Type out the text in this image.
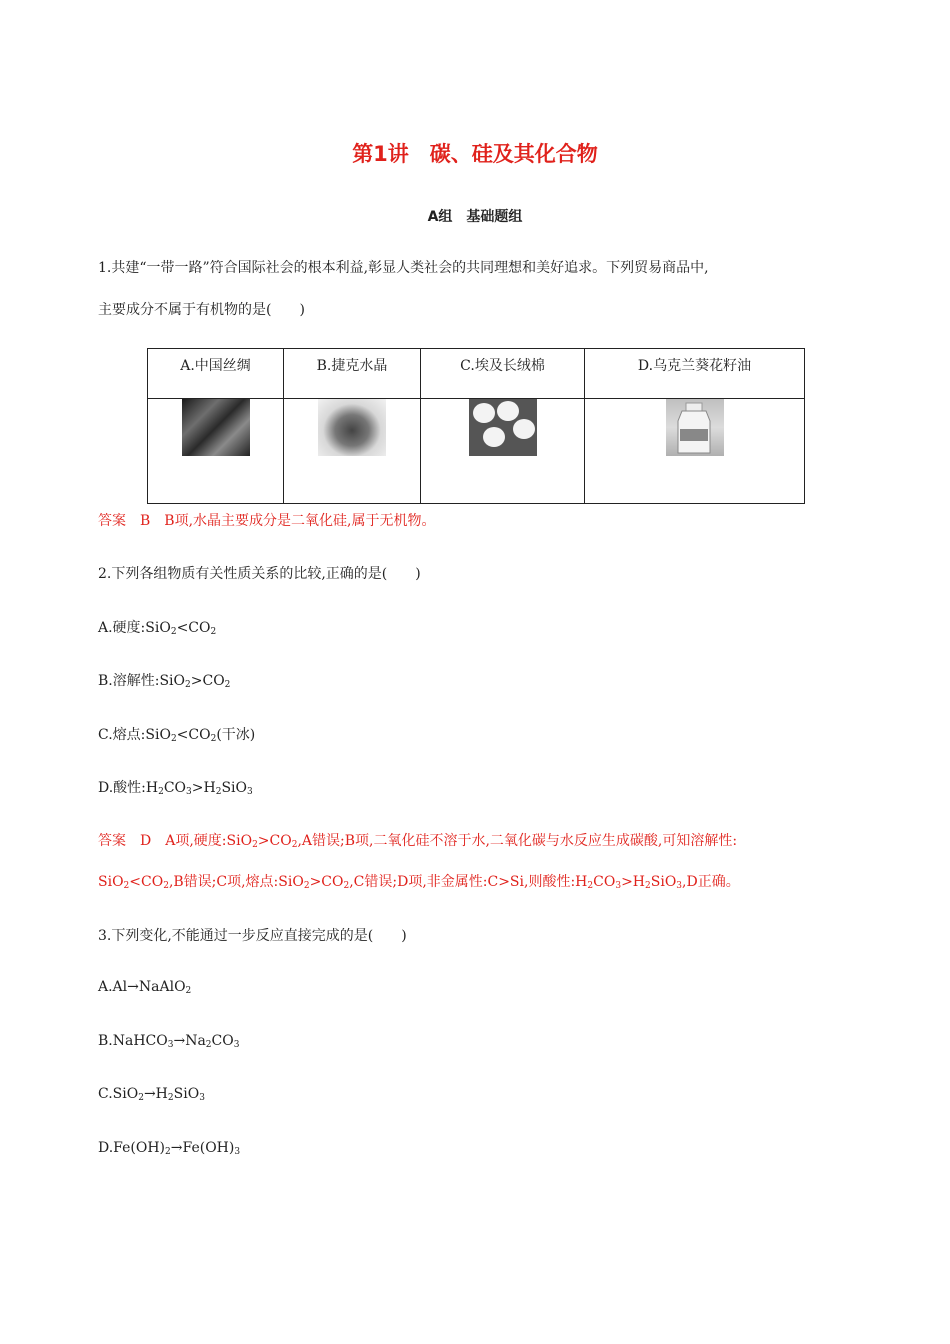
第1讲　碳、硅及其化合物
A组　基础题组
1.共建“一带一路”符合国际社会的根本利益,彰显人类社会的共同理想和美好追求。下列贸易商品中,
主要成分不属于有机物的是(　　)
A.中国丝绸	B.捷克水晶	C.埃及长绒棉	D.乌克兰葵花籽油

答案　B　B项,水晶主要成分是二氧化硅,属于无机物。
2.下列各组物质有关性质关系的比较,正确的是(　　)
A.硬度$:SiO_2<CO_2$
B.溶解性$:SiO_2>CO_2$
C.熔点$:SiO_2<CO_2$(干冰)
D.酸性$:H_2CO_3>H_2SiO_3$
答案　D　A项,硬度$:SiO_2>CO_2,A$错误;B项,二氧化硅不溶于水,二氧化碳与水反应生成碳酸,可知溶解性:
$SiO_2<CO_2,B$错误;C项,熔点$:SiO_2>CO_2,C$错误;D项,非金属性:C>Si,则酸性$:H_2CO_3>H_2SiO_3,D$正确。
3.下列变化,不能通过一步反应直接完成的是(　　)
A.Al→NaAlO$_2$
$B.NaHCO_3\to Na_2CO_3$
$C.SiO_2\to H_2SiO_3$
$D.Fe(OH)_2\to Fe(OH)_3$
